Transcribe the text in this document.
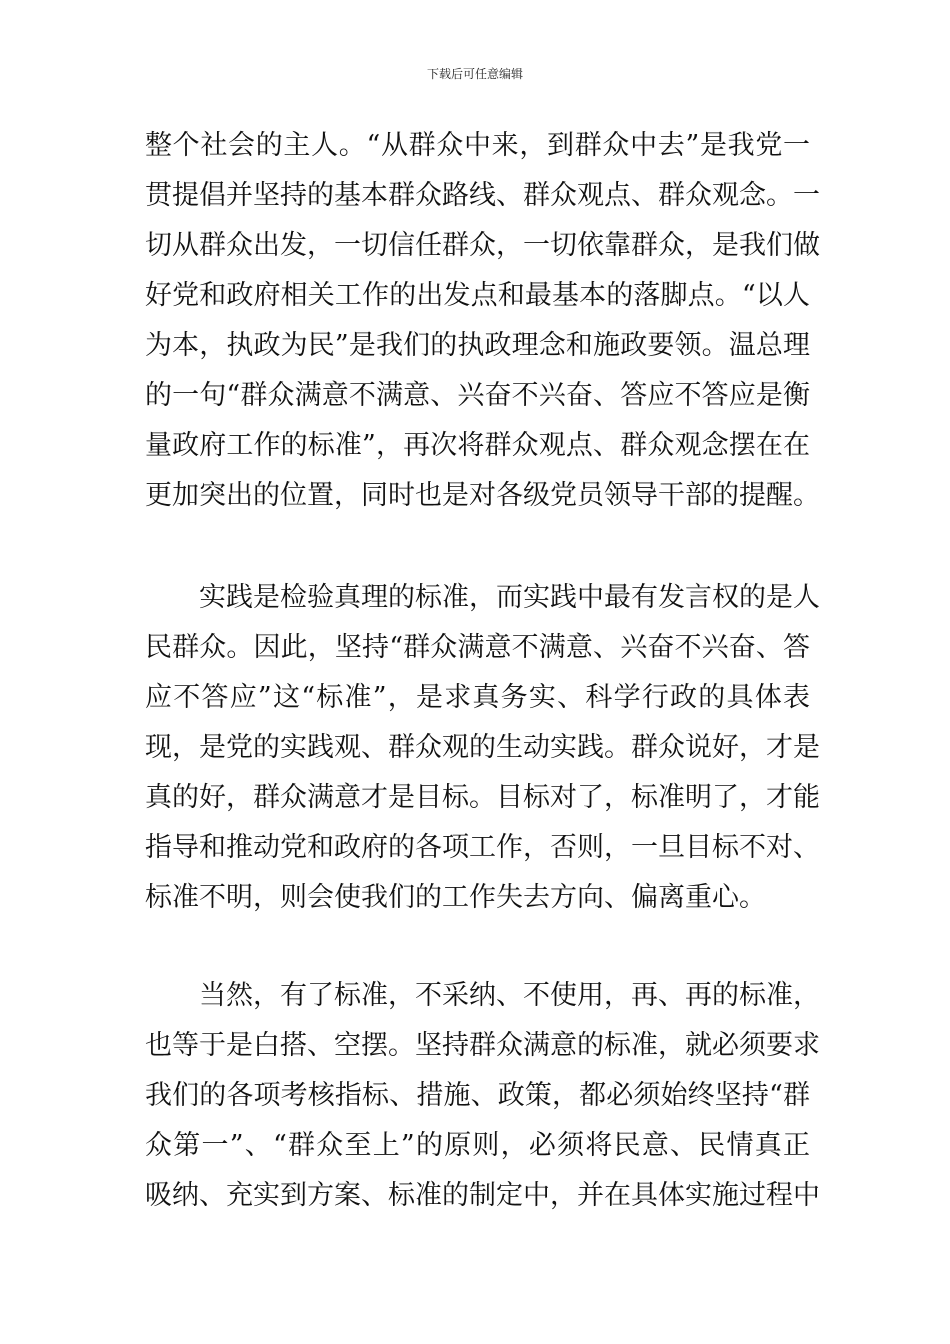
下载后可任意编辑
整个社会的主人。“从群众中来，到群众中去”是我党一
贯提倡并坚持的基本群众路线、群众观点、群众观念。一
切从群众出发，一切信任群众，一切依靠群众，是我们做
好党和政府相关工作的出发点和最基本的落脚点。“以人
为本，执政为民”是我们的执政理念和施政要领。温总理
的一句“群众满意不满意、兴奋不兴奋、答应不答应是衡
量政府工作的标准”，再次将群众观点、群众观念摆在在
更加突出的位置，同时也是对各级党员领导干部的提醒。
实践是检验真理的标准，而实践中最有发言权的是人
民群众。因此，坚持“群众满意不满意、兴奋不兴奋、答
应不答应”这“标准”，是求真务实、科学行政的具体表
现，是党的实践观、群众观的生动实践。群众说好，才是
真的好，群众满意才是目标。目标对了，标准明了，才能
指导和推动党和政府的各项工作，否则，一旦目标不对、
标准不明，则会使我们的工作失去方向、偏离重心。
当然，有了标准，不采纳、不使用，再、再的标准，
也等于是白搭、空摆。坚持群众满意的标准，就必须要求
我们的各项考核指标、措施、政策，都必须始终坚持“群
众第一”、“群众至上”的原则，必须将民意、民情真正
吸纳、充实到方案、标准的制定中，并在具体实施过程中
